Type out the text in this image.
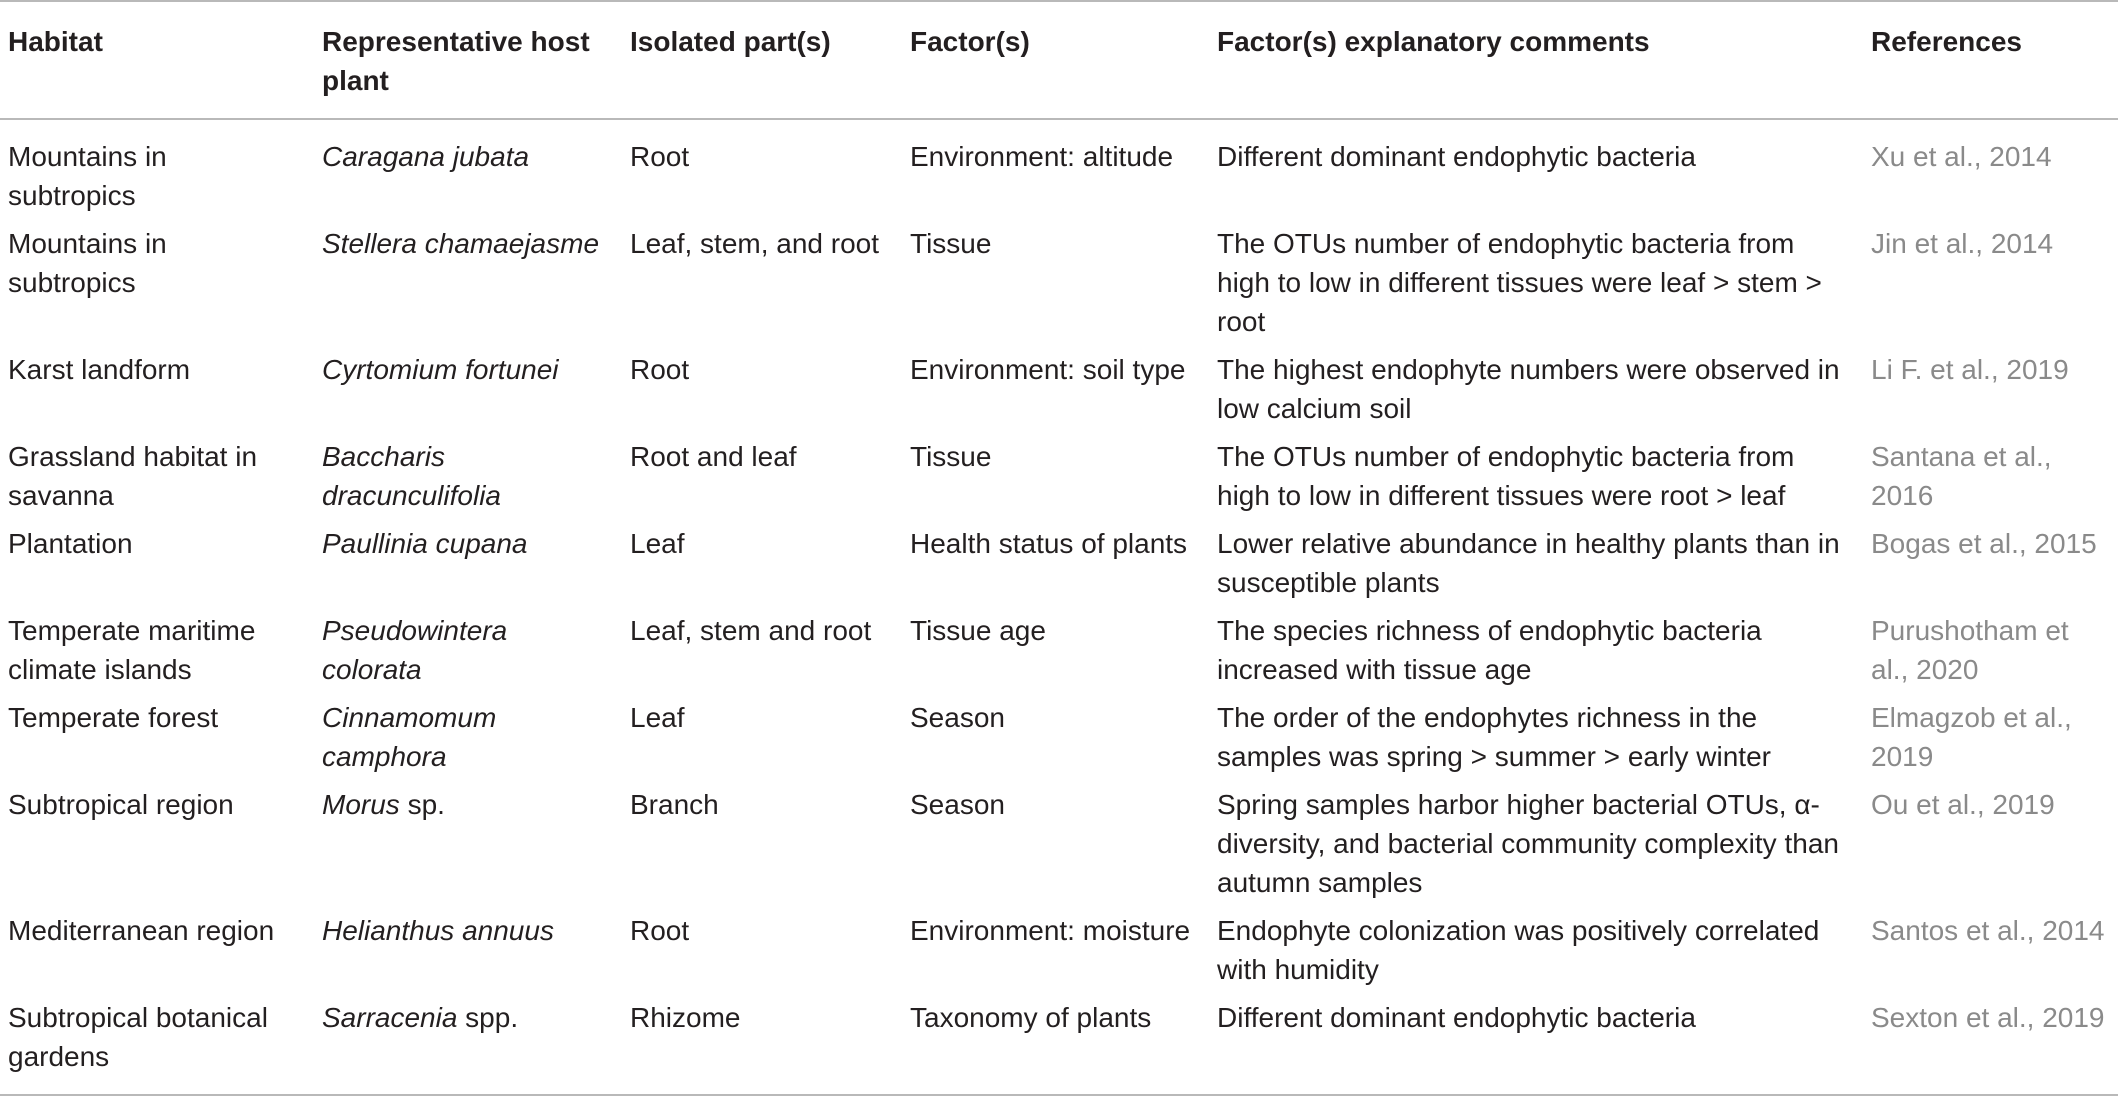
Habitat	Representative host plant	Isolated part(s)	Factor(s)	Factor(s) explanatory comments	References
Mountains in subtropics	Caragana jubata	Root	Environment: altitude	Different dominant endophytic bacteria	Xu et al., 2014
Mountains in subtropics	Stellera chamaejasme	Leaf, stem, and root	Tissue	The OTUs number of endophytic bacteria from high to low in different tissues were leaf > stem > root	Jin et al., 2014
Karst landform	Cyrtomium fortunei	Root	Environment: soil type	The highest endophyte numbers were observed in low calcium soil	Li F. et al., 2019
Grassland habitat in savanna	Baccharis dracunculifolia	Root and leaf	Tissue	The OTUs number of endophytic bacteria from high to low in different tissues were root > leaf	Santana et al., 2016
Plantation	Paullinia cupana	Leaf	Health status of plants	Lower relative abundance in healthy plants than in susceptible plants	Bogas et al., 2015
Temperate maritime climate islands	Pseudowintera colorata	Leaf, stem and root	Tissue age	The species richness of endophytic bacteria increased with tissue age	Purushotham et al., 2020
Temperate forest	Cinnamomum camphora	Leaf	Season	The order of the endophytes richness in the samples was spring > summer > early winter	Elmagzob et al., 2019
Subtropical region	Morus sp.	Branch	Season	Spring samples harbor higher bacterial OTUs, α-diversity, and bacterial community complexity than autumn samples	Ou et al., 2019
Mediterranean region	Helianthus annuus	Root	Environment: moisture	Endophyte colonization was positively correlated with humidity	Santos et al., 2014
Subtropical botanical gardens	Sarracenia spp.	Rhizome	Taxonomy of plants	Different dominant endophytic bacteria	Sexton et al., 2019
